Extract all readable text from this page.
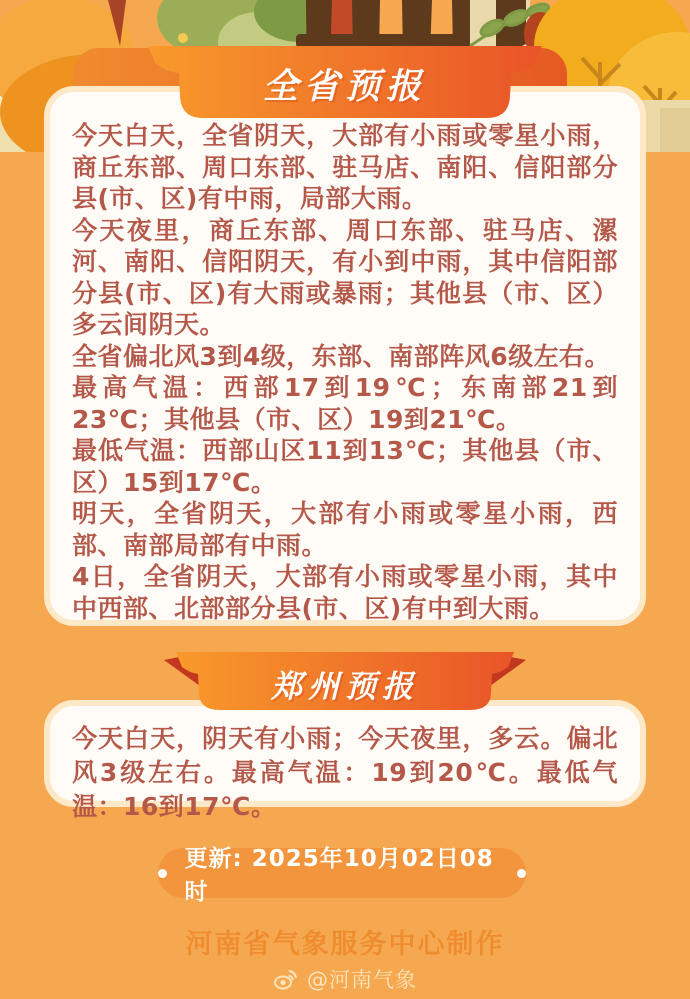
今天白天，全省阴天，大部有小雨或零星小雨，商丘东部、周口东部、驻马店、南阳、信阳部分县(市、区)有中雨，局部大雨。

今天夜里，商丘东部、周口东部、驻马店、漯河、南阳、信阳阴天，有小到中雨，其中信阳部分县(市、区)有大雨或暴雨；其他县（市、区）多云间阴天。

全省偏北风3到4级，东部、南部阵风6级左右。

最高气温：西部17到19℃；东南部21到23℃；其他县（市、区）19到21℃。

最低气温：西部山区11到13℃；其他县（市、区）15到17℃。

明天，全省阴天，大部有小雨或零星小雨，西部、南部局部有中雨。

4日，全省阴天，大部有小雨或零星小雨，其中中西部、北部部分县(市、区)有中到大雨。

全省预报
郑州预报

今天白天，阴天有小雨；今天夜里，多云。偏北风3级左右。最高气温：19到20℃。最低气温：16到17℃。

更新: 2025年10月02日08时
河南省气象服务中心制作
@河南气象
